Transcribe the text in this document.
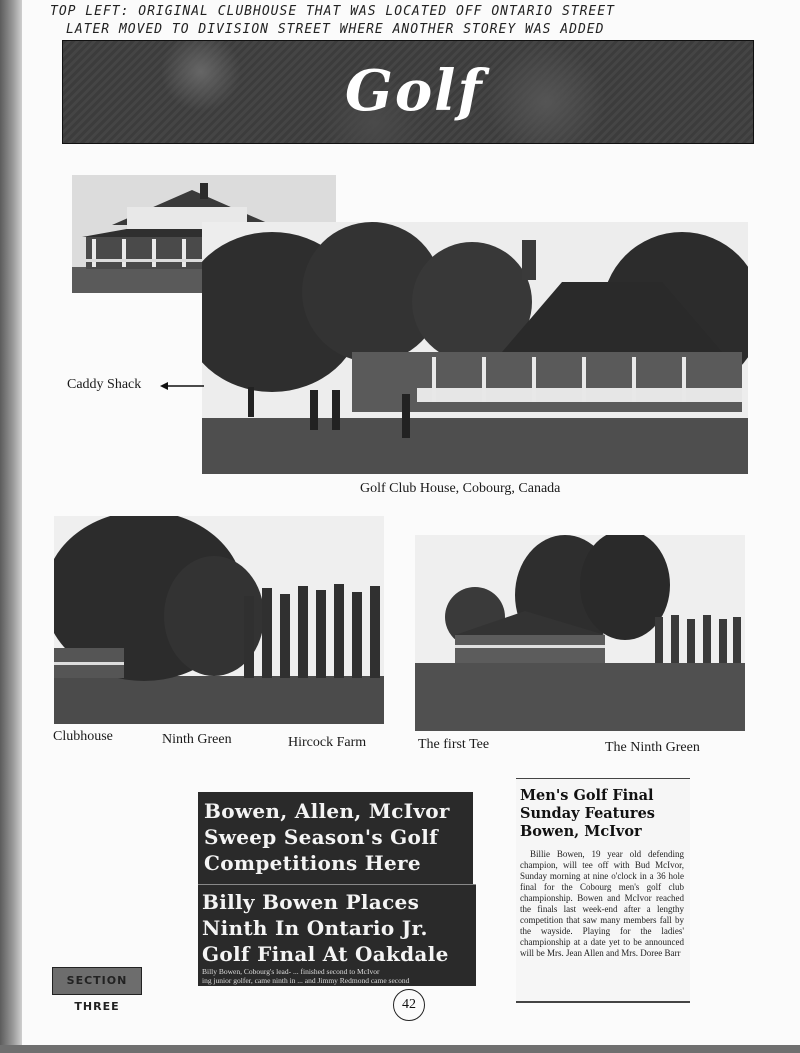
TOP LEFT: ORIGINAL CLUBHOUSE THAT WAS LOCATED OFF ONTARIO STREET
LATER MOVED TO DIVISION STREET WHERE ANOTHER STOREY WAS ADDED
Golf
Caddy Shack
Golf Club House, Cobourg, Canada
Clubhouse	Ninth Green	Hircock Farm	The first Tee	The Ninth Green
Bowen, Allen, McIvor
Sweep Season's Golf
Competitions Here
Billy Bowen Places
Ninth In Ontario Jr.
Golf Final At Oakdale
Billy Bowen, Cobourg's lead- ... finished second to McIvor
ing junior golfer, came ninth in ... and Jimmy Redmond came second
Men's Golf Final
Sunday Features
Bowen, McIvor
Billie Bowen, 19 year old defending champion, will tee off with Bud McIvor, Sunday morning at nine o'clock in a 36 hole final for the Cobourg men's golf club championship. Bowen and McIvor reached the finals last week-end after a lengthy competition that saw many members fall by the wayside. Playing for the ladies' championship at a date yet to be announced will be Mrs. Jean Allen and Mrs. Doree Barr
SECTION THREE	42
